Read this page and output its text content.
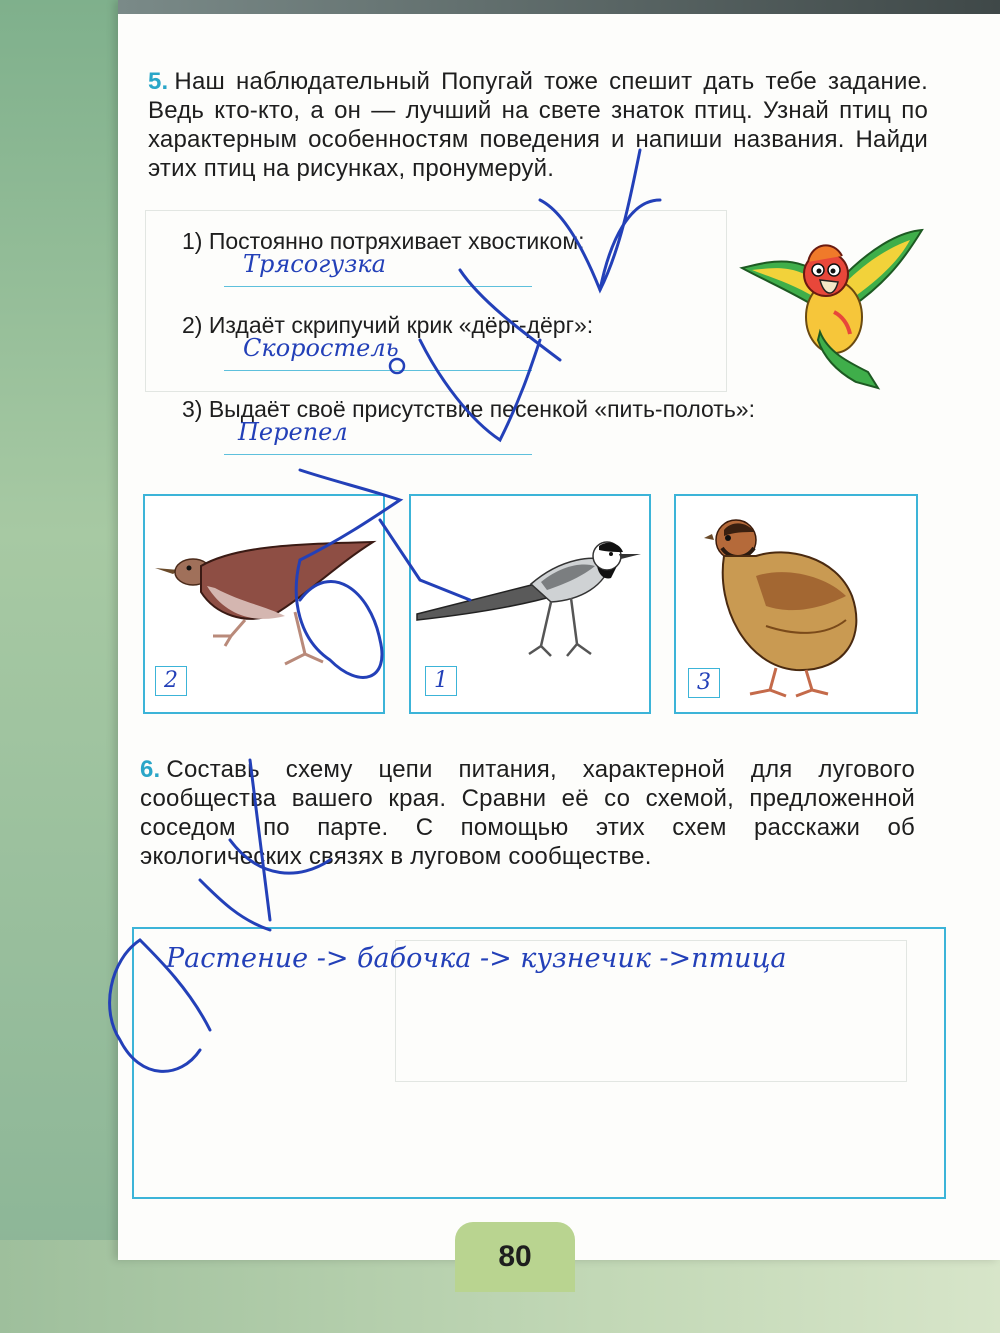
5. Наш наблюдательный Попугай тоже спешит дать тебе задание. Ведь кто-кто, а он — лучший на свете знаток птиц. Узнай птиц по характерным особенностям поведения и напиши названия. Найди этих птиц на рисунках, пронумеруй.
1) Постоянно потряхивает хвостиком:
Трясогузка
2) Издаёт скрипучий крик «дёрг-дёрг»:
Скоростель
3) Выдаёт своё присутствие песенкой «пить-полоть»:
Перепел
2	1	3
6. Составь схему цепи питания, характерной для лугового сообщества вашего края. Сравни её со схемой, предложенной соседом по парте. С помощью этих схем расскажи об экологических связях в луговом сообществе.
Растение -> бабочка -> кузнечик ->птица
80
